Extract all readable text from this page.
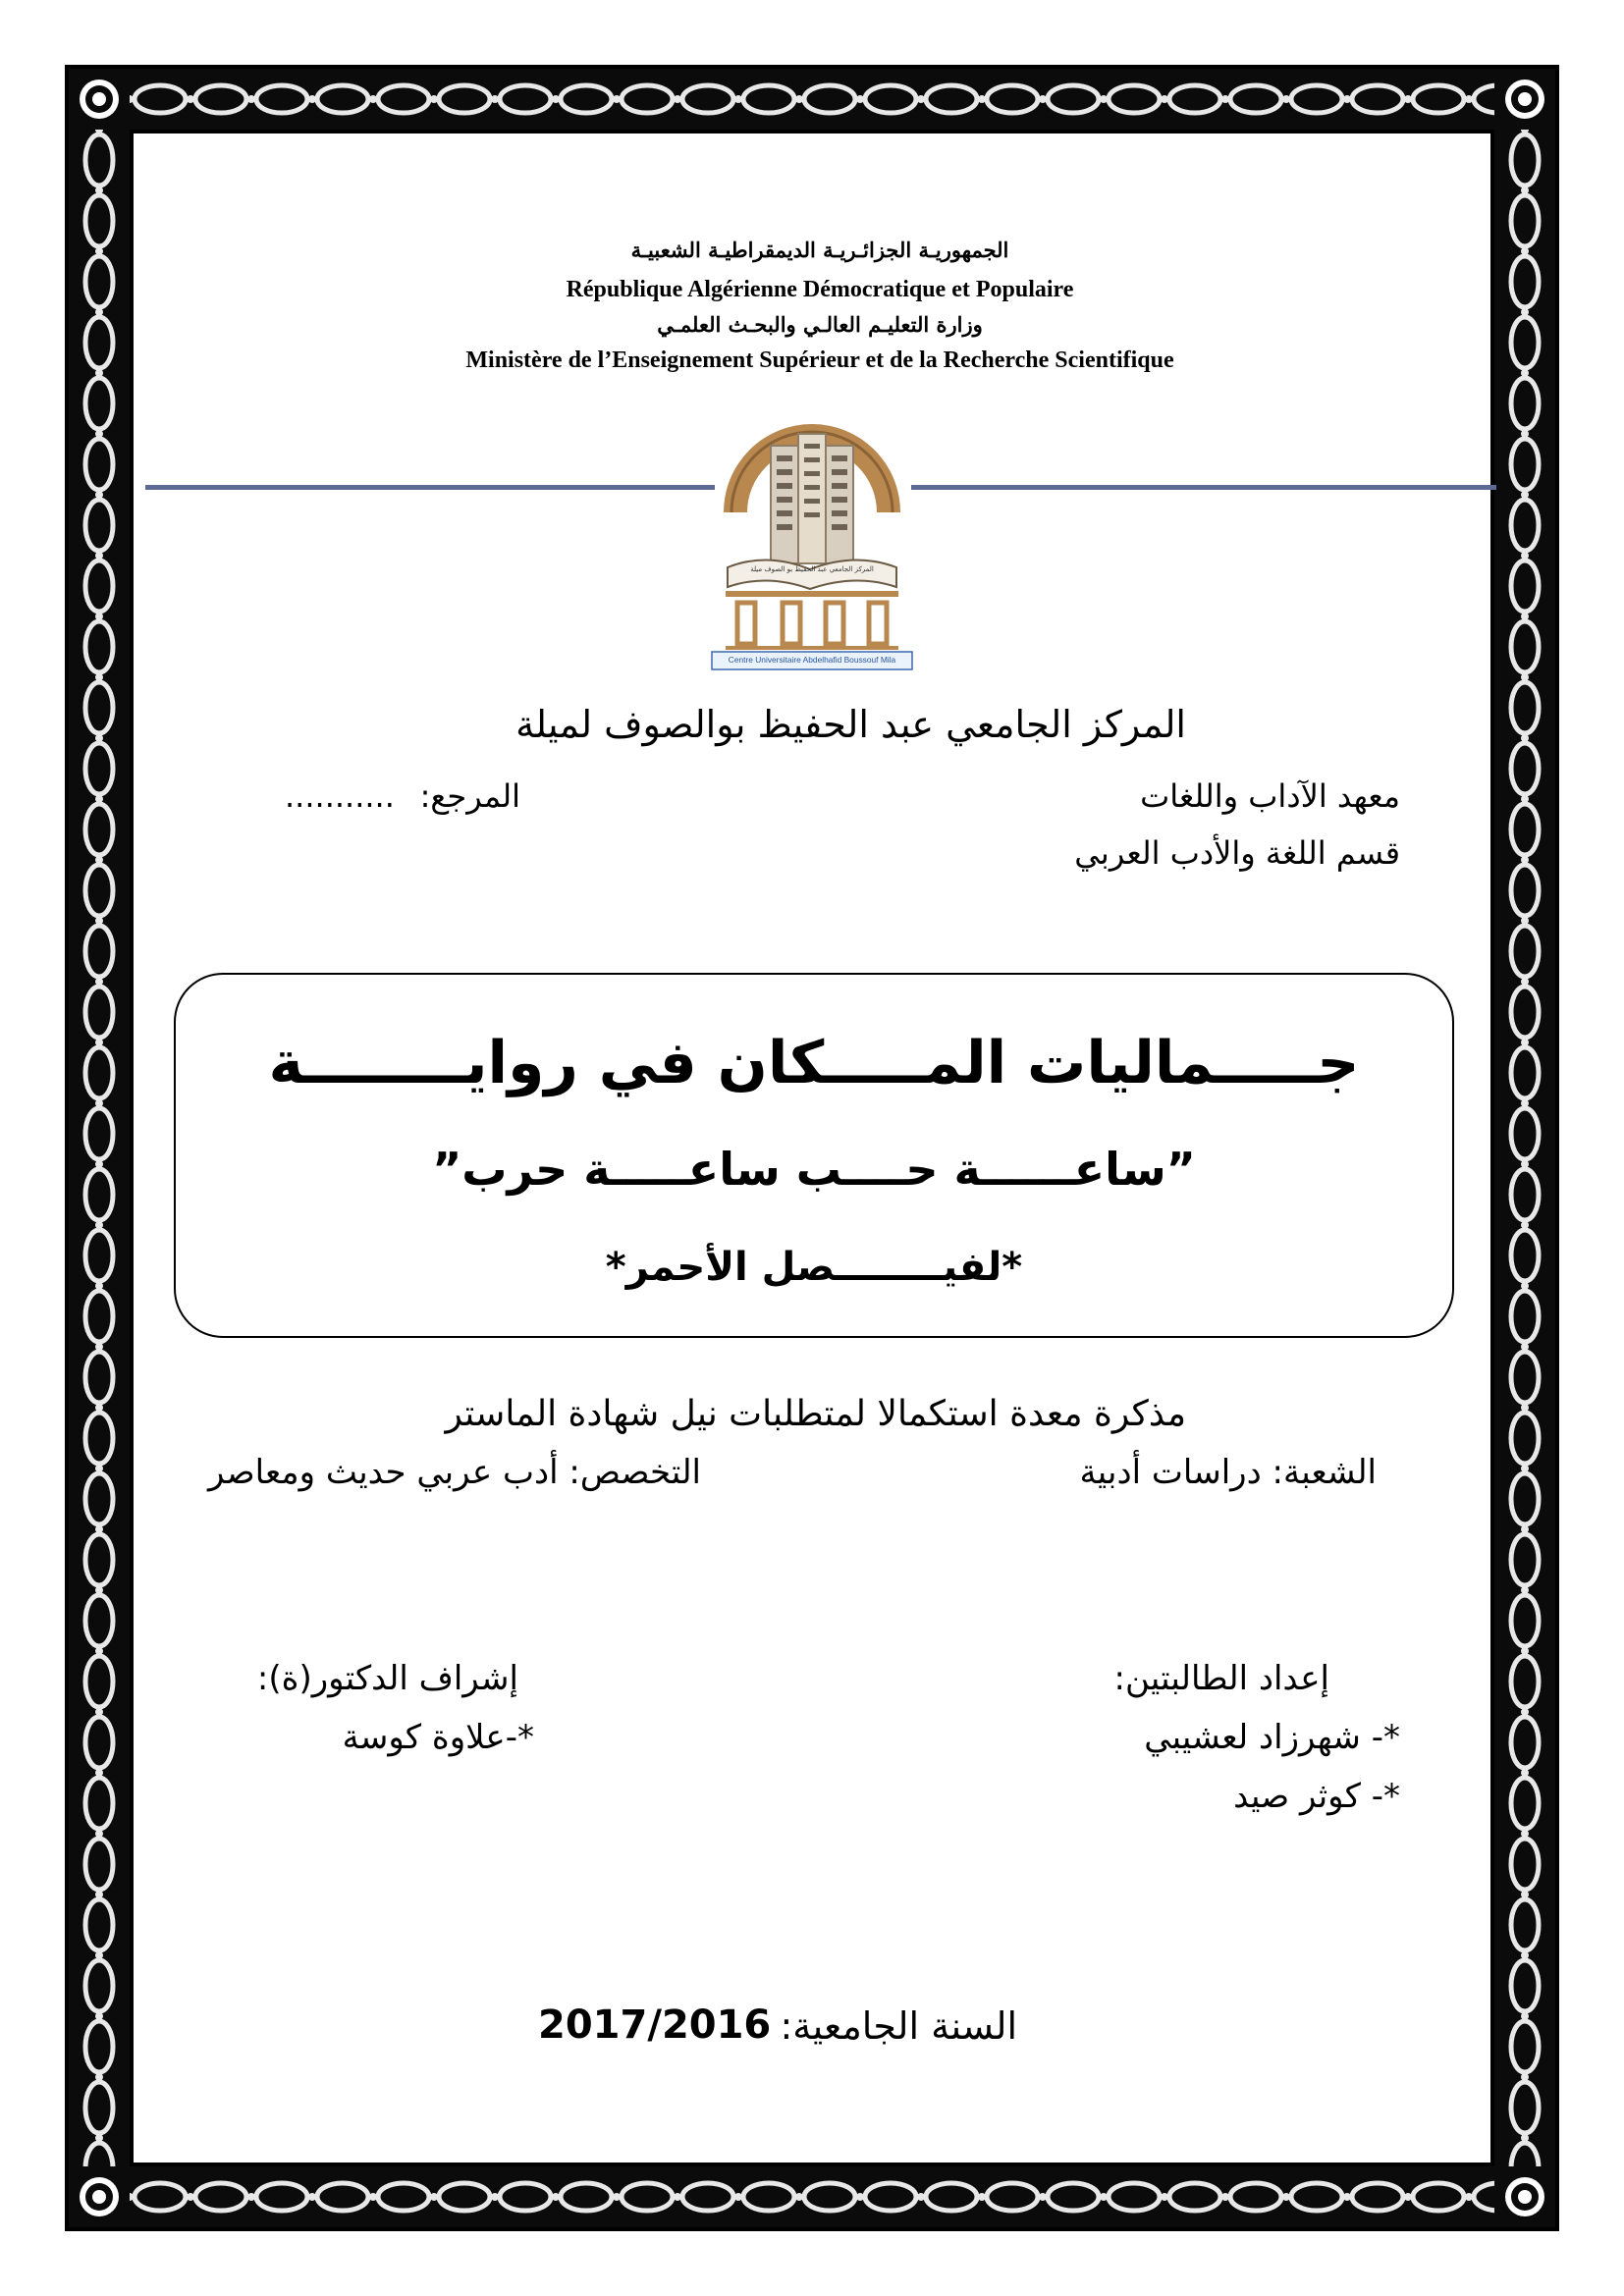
الجمهوريـة الجزائـريـة الديمقراطيـة الشعبيـة
République Algérienne Démocratique et Populaire
وزارة التعليـم العالـي والبحـث العلمـي
Ministère de l’Enseignement Supérieur et de la Recherche Scientifique
المركز الجامعي عبد الحفيظ بو الصوف ميلة
Centre Universitaire Abdelhafid Boussouf Mila
المركز الجامعي عبد الحفيظ بوالصوف لميلة
معهد الآداب واللغات
المرجع:
...........
قسم اللغة والأدب العربي
جـــــماليات المـــــكان في روايــــــــة
”ساعــــــة حــــب ساعـــــة حرب”
*لفيــــــــصل الأحمر*
مذكرة معدة استكمالا لمتطلبات نيل شهادة الماستر
الشعبة: دراسات أدبية
التخصص: أدب عربي حديث ومعاصر
إعداد الطالبتين:
*- شهرزاد لعشيبي
*- كوثر صيد
إشراف الدكتور(ة):
*-علاوة كوسة
السنة الجامعية:
2017/2016
